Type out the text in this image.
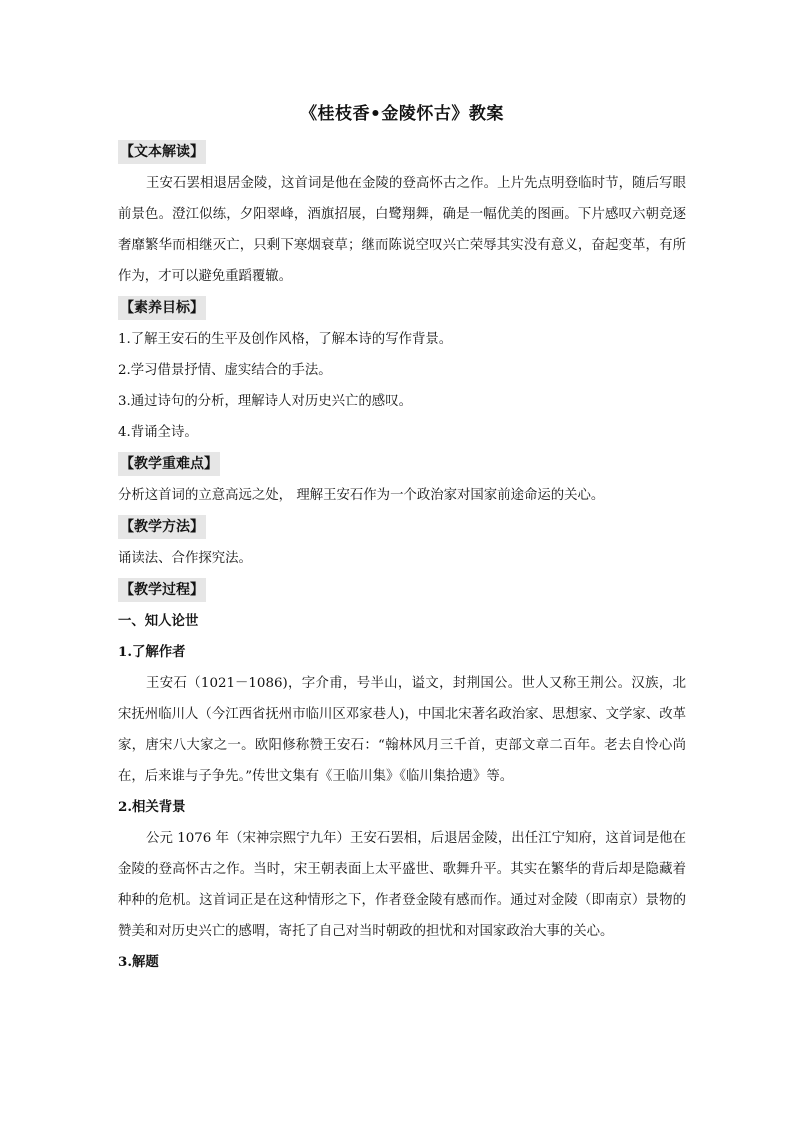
《桂枝香•金陵怀古》教案
【文本解读】

王安石罢相退居金陵，这首词是他在金陵的登高怀古之作。上片先点明登临时节，随后写眼前景色。澄江似练，夕阳翠峰，酒旗招展，白鹭翔舞，确是一幅优美的图画。下片感叹六朝竞逐奢靡繁华而相继灭亡，只剩下寒烟衰草；继而陈说空叹兴亡荣辱其实没有意义，奋起变革，有所作为，才可以避免重蹈覆辙。

【素养目标】

1.了解王安石的生平及创作风格，了解本诗的写作背景。

2.学习借景抒情、虚实结合的手法。

3.通过诗句的分析，理解诗人对历史兴亡的感叹。

4.背诵全诗。

【教学重难点】

分析这首词的立意高远之处， 理解王安石作为一个政治家对国家前途命运的关心。

【教学方法】

诵读法、合作探究法。

【教学过程】

一、知人论世

1.了解作者

王安石（1021－1086)，字介甫，号半山，谥文，封荆国公。世人又称王荆公。汉族，北宋抚州临川人（今江西省抚州市临川区邓家巷人)，中国北宋著名政治家、思想家、文学家、改革家，唐宋八大家之一。欧阳修称赞王安石：“翰林风月三千首，吏部文章二百年。老去自怜心尚在，后来谁与子争先。”传世文集有《王临川集》《临川集拾遗》等。

2.相关背景

公元 1076 年（宋神宗熙宁九年）王安石罢相，后退居金陵，出任江宁知府，这首词是他在金陵的登高怀古之作。当时，宋王朝表面上太平盛世、歌舞升平。其实在繁华的背后却是隐藏着种种的危机。这首词正是在这种情形之下，作者登金陵有感而作。通过对金陵（即南京）景物的赞美和对历史兴亡的感喟，寄托了自己对当时朝政的担忧和对国家政治大事的关心。

3.解题
